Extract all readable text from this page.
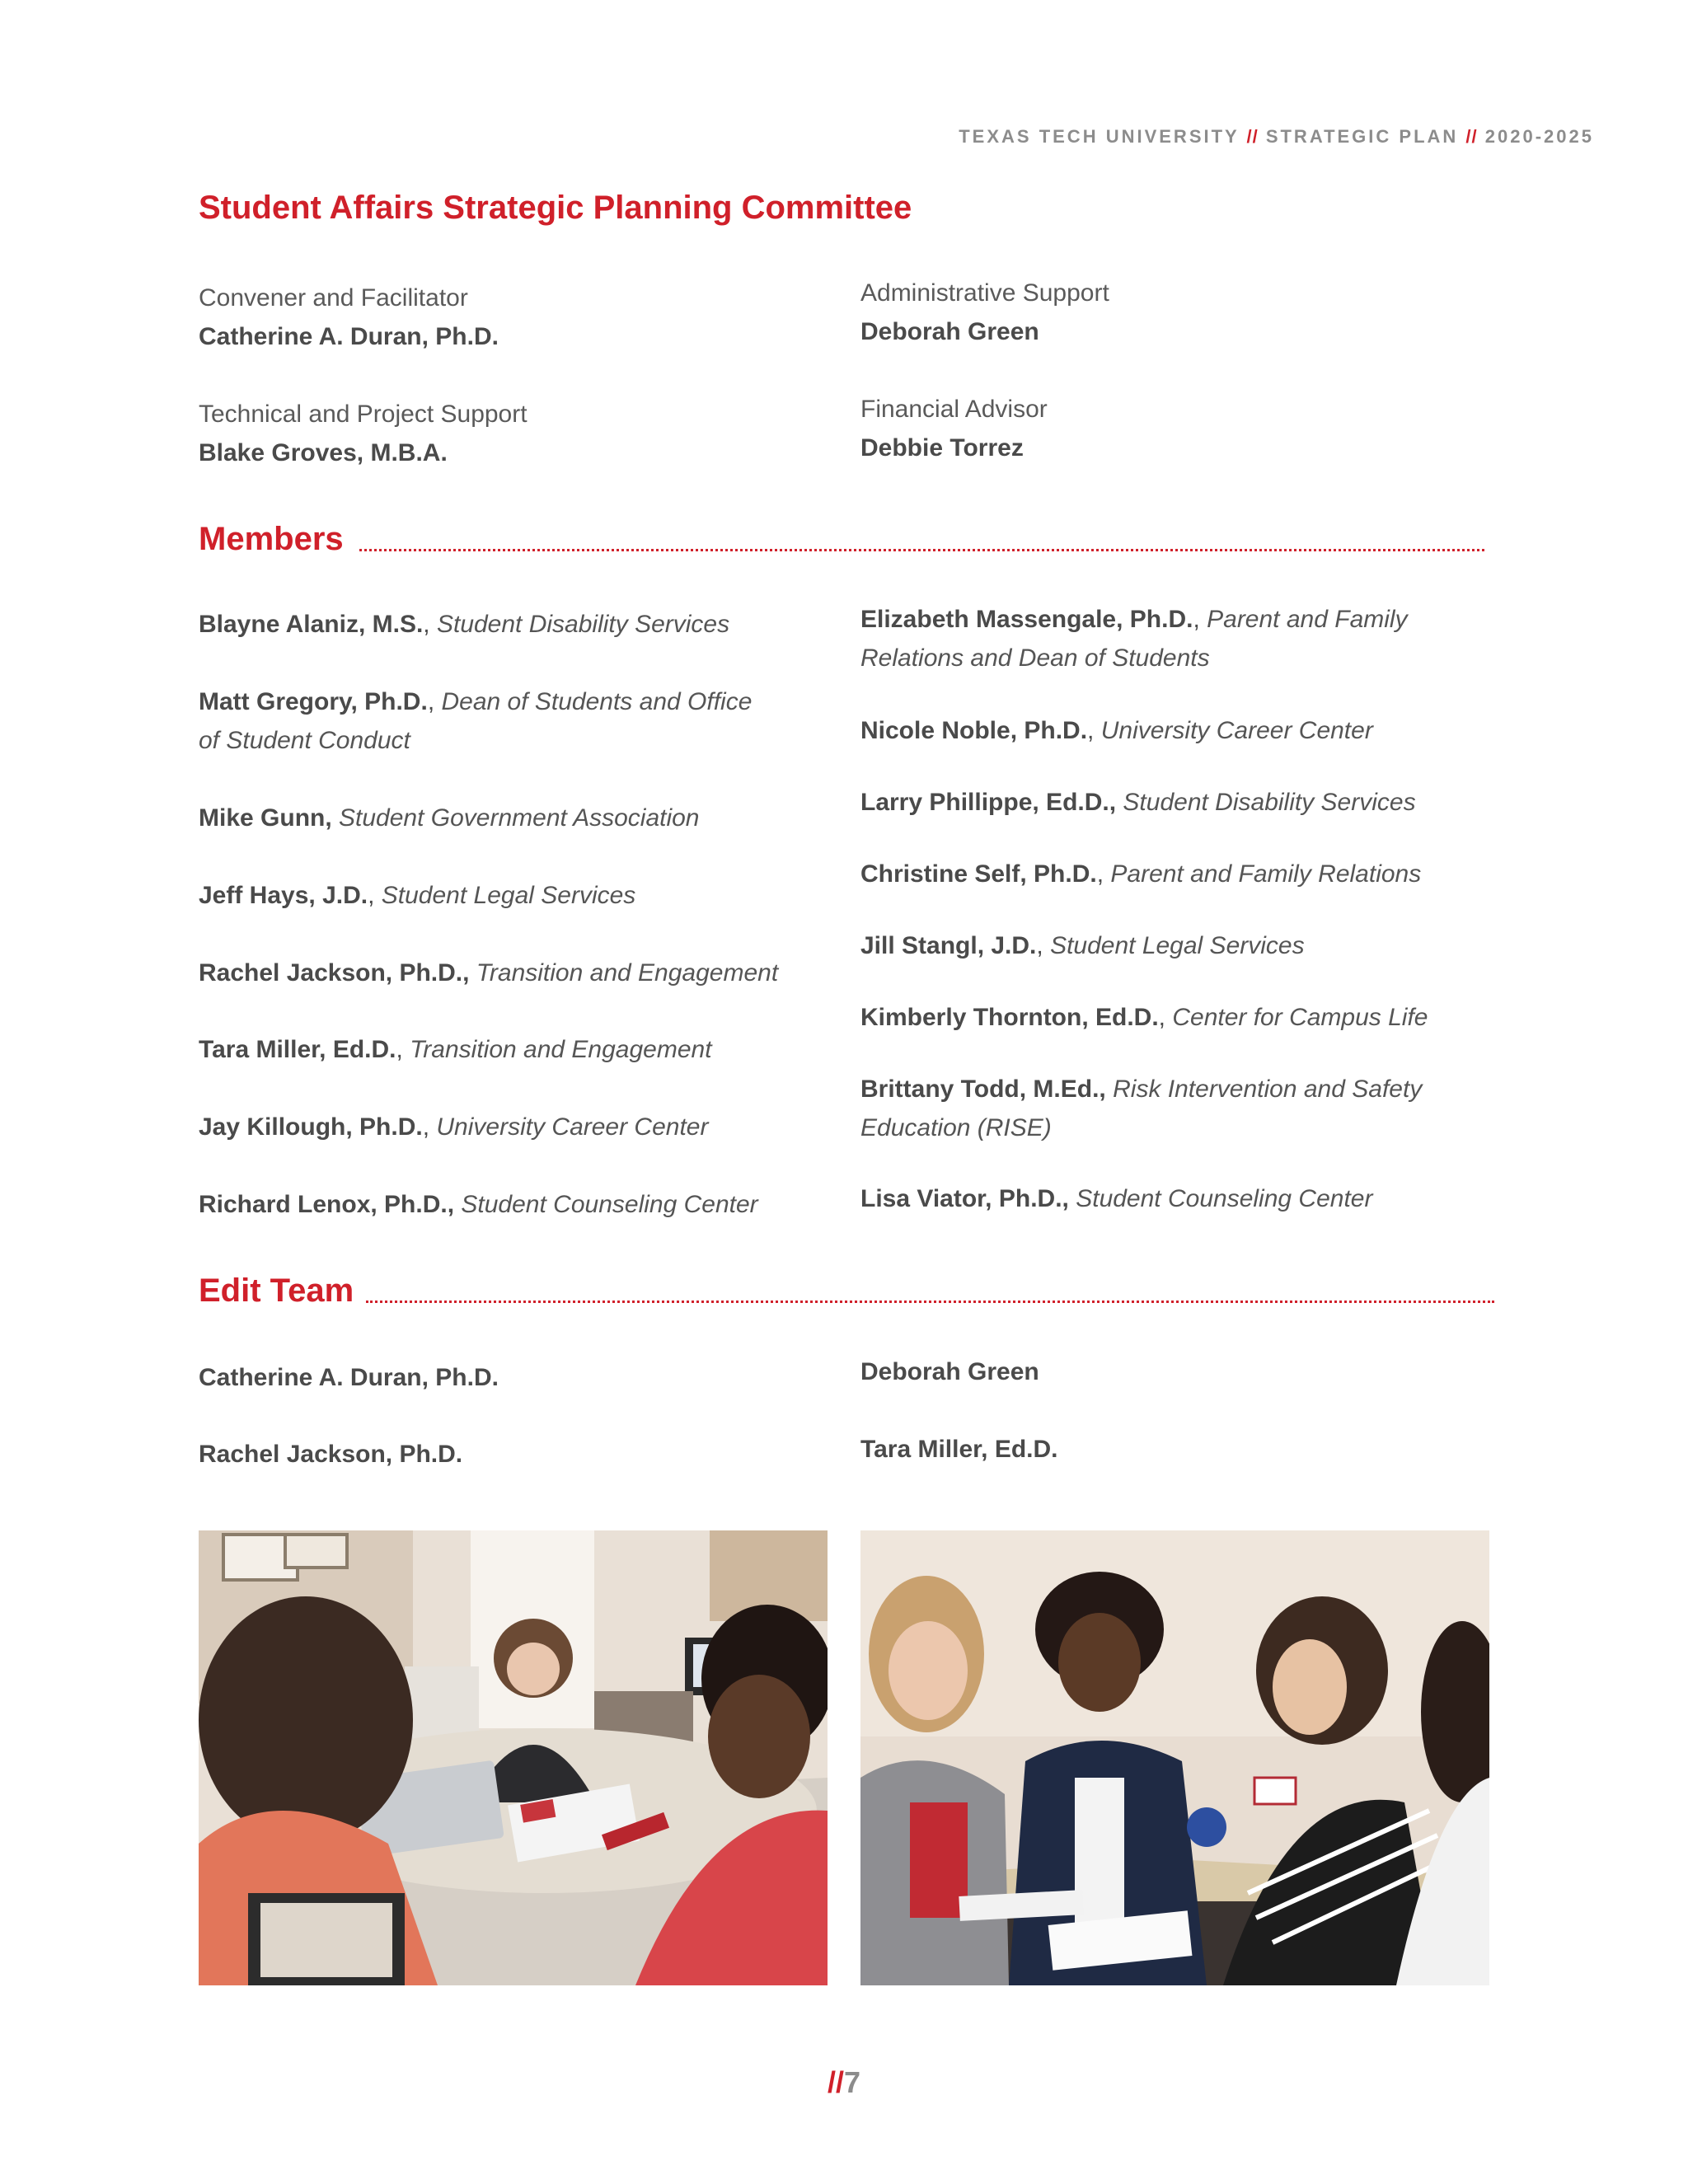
TEXAS TECH UNIVERSITY // STRATEGIC PLAN // 2020-2025
Student Affairs Strategic Planning Committee
Convener and Facilitator
Catherine A. Duran, Ph.D.
Technical and Project Support
Blake Groves, M.B.A.
Administrative Support
Deborah Green
Financial Advisor
Debbie Torrez
Members
Blayne Alaniz, M.S., Student Disability Services
Matt Gregory, Ph.D., Dean of Students and Office
of Student Conduct
Mike Gunn, Student Government Association
Jeff Hays, J.D., Student Legal Services
Rachel Jackson, Ph.D., Transition and Engagement
Tara Miller, Ed.D., Transition and Engagement
Jay Killough, Ph.D., University Career Center
Richard Lenox, Ph.D., Student Counseling Center
Elizabeth Massengale, Ph.D., Parent and Family
Relations and Dean of Students
Nicole Noble, Ph.D., University Career Center
Larry Phillippe, Ed.D., Student Disability Services
Christine Self, Ph.D., Parent and Family Relations
Jill Stangl, J.D., Student Legal Services
Kimberly Thornton, Ed.D., Center for Campus Life
Brittany Todd, M.Ed., Risk Intervention and Safety
Education (RISE)
Lisa Viator, Ph.D., Student Counseling Center
Edit Team
Catherine A. Duran, Ph.D.
Rachel Jackson, Ph.D.
Deborah Green
Tara Miller, Ed.D.
//7
